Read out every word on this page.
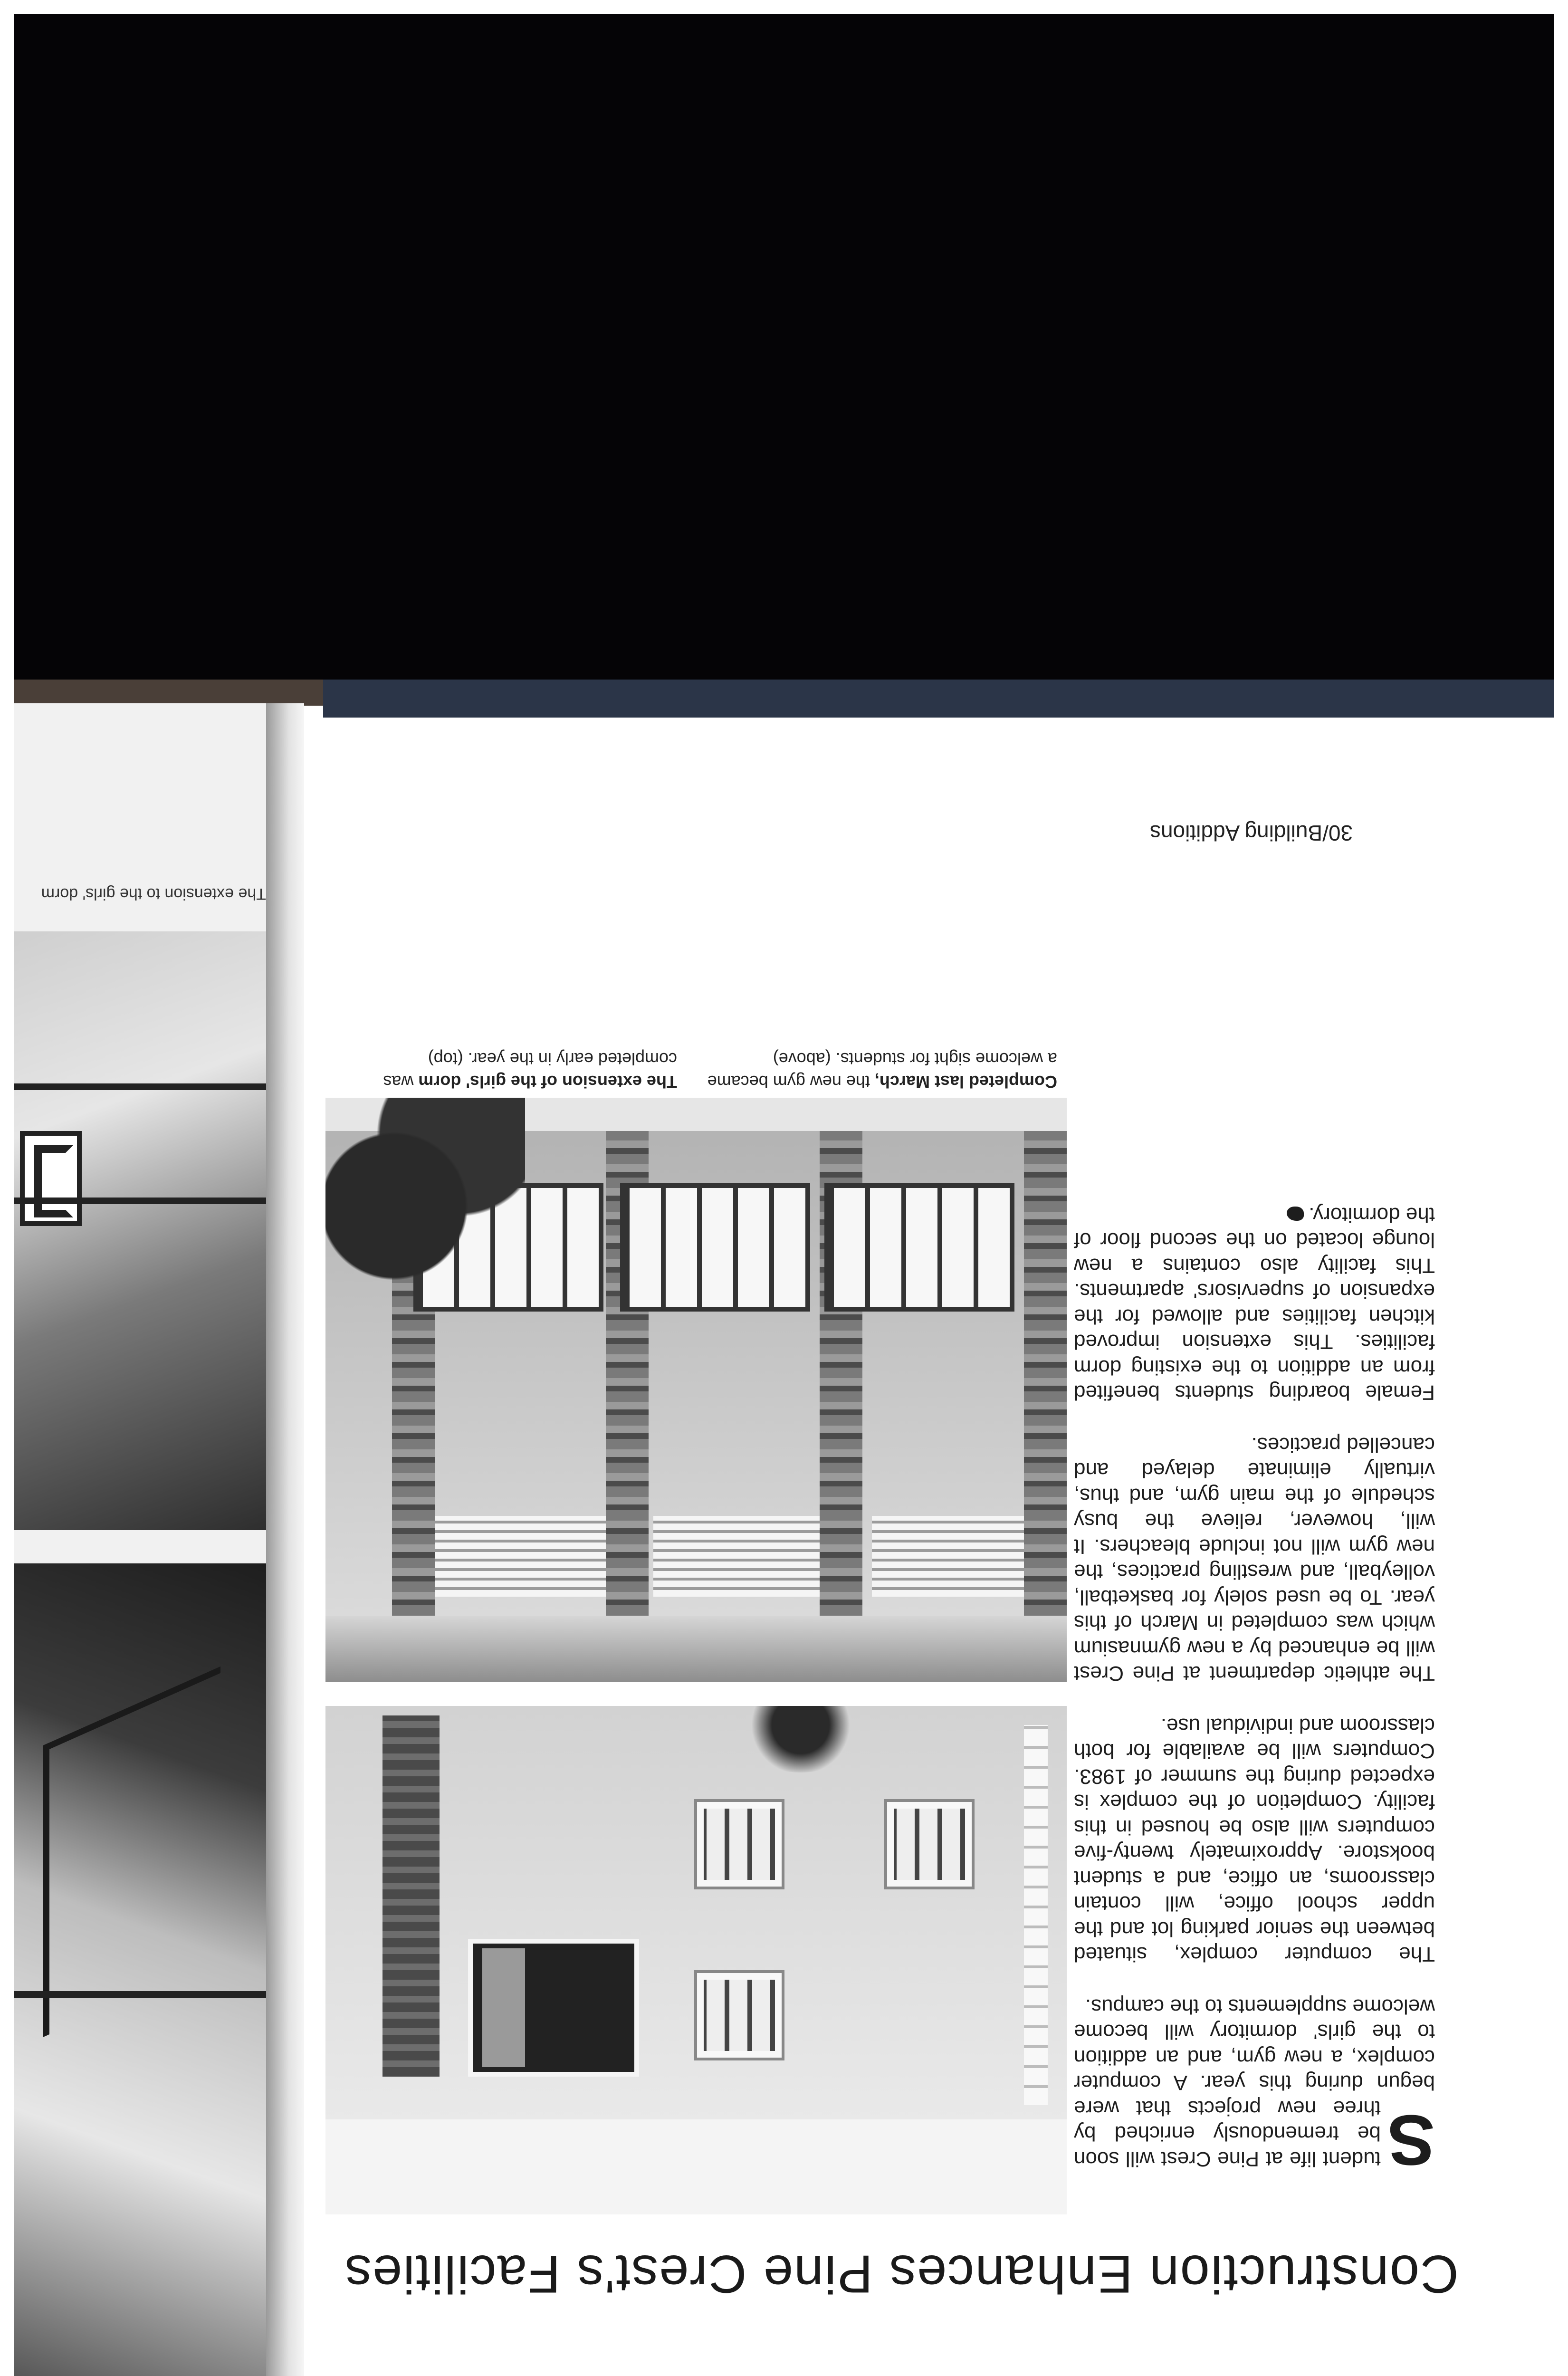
The extension to the girls' dorm
30/Building Additions
The extension of the girls' dorm was completed early in the year. (top)
Completed last March, the new gym became a welcome sight for students. (above)

S
tudent life at Pine Crest will soon be tremendously enriched by three new projects that were begun during this year. A computer complex, a new gym, and an addition to the girls' dormitory will become welcome supplements to the campus.

The computer complex, situated between the senior parking lot and the upper school office, will contain classrooms, an office, and a student bookstore. Approximately twenty-five computers will also be housed in this facility. Completion of the complex is expected during the summer of 1983. Computers will be available for both classroom and individual use.

The athletic department at Pine Crest will be enhanced by a new gymnasium which was completed in March of this year. To be used solely for basketball, volleyball, and wrestling practices, the new gym will not include bleachers. It will, however, relieve the busy schedule of the main gym, and thus, virtually eliminate delayed and cancelled practices.

Female boarding students benefited from an addition to the existing dorm facilities. This extension improved kitchen facilities and allowed for the expansion of supervisors' apartments. This facility also contains a new lounge located on the second floor of the dormitory.

Construction Enhances Pine Crest's Facilities
